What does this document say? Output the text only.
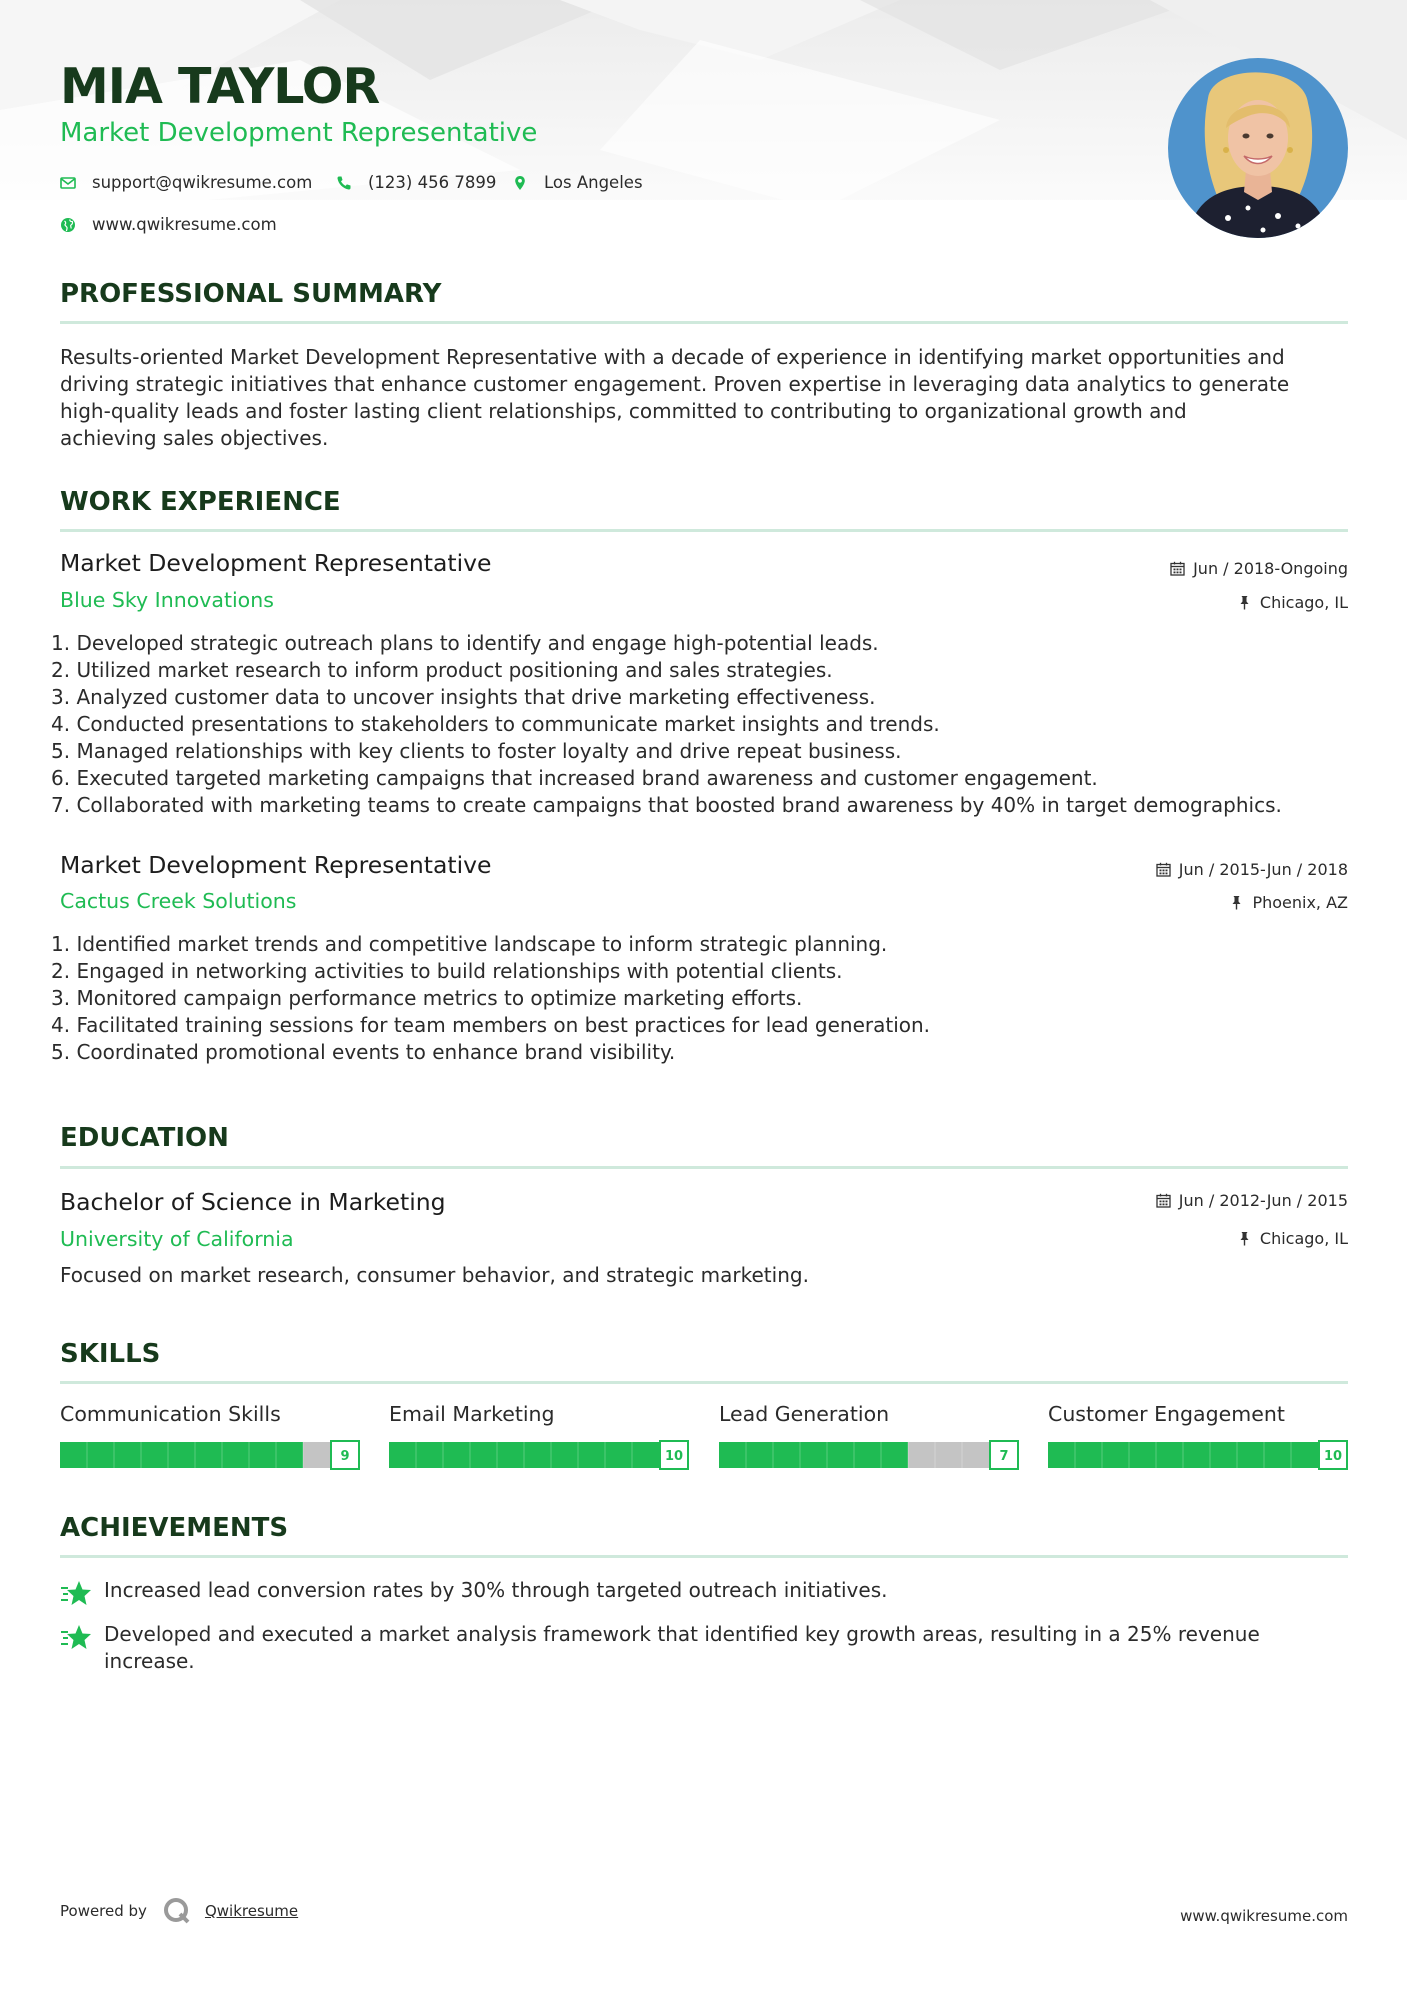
MIA TAYLOR
Market Development Representative
support@qwikresume.com	(123) 456 7899	Los Angeles
www.qwikresume.com
PROFESSIONAL SUMMARY
Results-oriented Market Development Representative with a decade of experience in identifying market opportunities and
driving strategic initiatives that enhance customer engagement. Proven expertise in leveraging data analytics to generate
high-quality leads and foster lasting client relationships, committed to contributing to organizational growth and
achieving sales objectives.
WORK EXPERIENCE
Market Development Representative
Blue Sky Innovations
Jun / 2018-Ongoing
Chicago, IL
1. Developed strategic outreach plans to identify and engage high-potential leads.
2. Utilized market research to inform product positioning and sales strategies.
3. Analyzed customer data to uncover insights that drive marketing effectiveness.
4. Conducted presentations to stakeholders to communicate market insights and trends.
5. Managed relationships with key clients to foster loyalty and drive repeat business.
6. Executed targeted marketing campaigns that increased brand awareness and customer engagement.
7. Collaborated with marketing teams to create campaigns that boosted brand awareness by 40% in target demographics.
Market Development Representative
Cactus Creek Solutions
Jun / 2015-Jun / 2018
Phoenix, AZ
1. Identified market trends and competitive landscape to inform strategic planning.
2. Engaged in networking activities to build relationships with potential clients.
3. Monitored campaign performance metrics to optimize marketing efforts.
4. Facilitated training sessions for team members on best practices for lead generation.
5. Coordinated promotional events to enhance brand visibility.
EDUCATION
Bachelor of Science in Marketing
University of California
Jun / 2012-Jun / 2015
Chicago, IL
Focused on market research, consumer behavior, and strategic marketing.
SKILLS
Communication Skills
9
Email Marketing
10
Lead Generation
7
Customer Engagement
10
ACHIEVEMENTS
Increased lead conversion rates by 30% through targeted outreach initiatives.
Developed and executed a market analysis framework that identified key growth areas, resulting in a 25% revenue
increase.
Powered by	Qwikresume	www.qwikresume.com
